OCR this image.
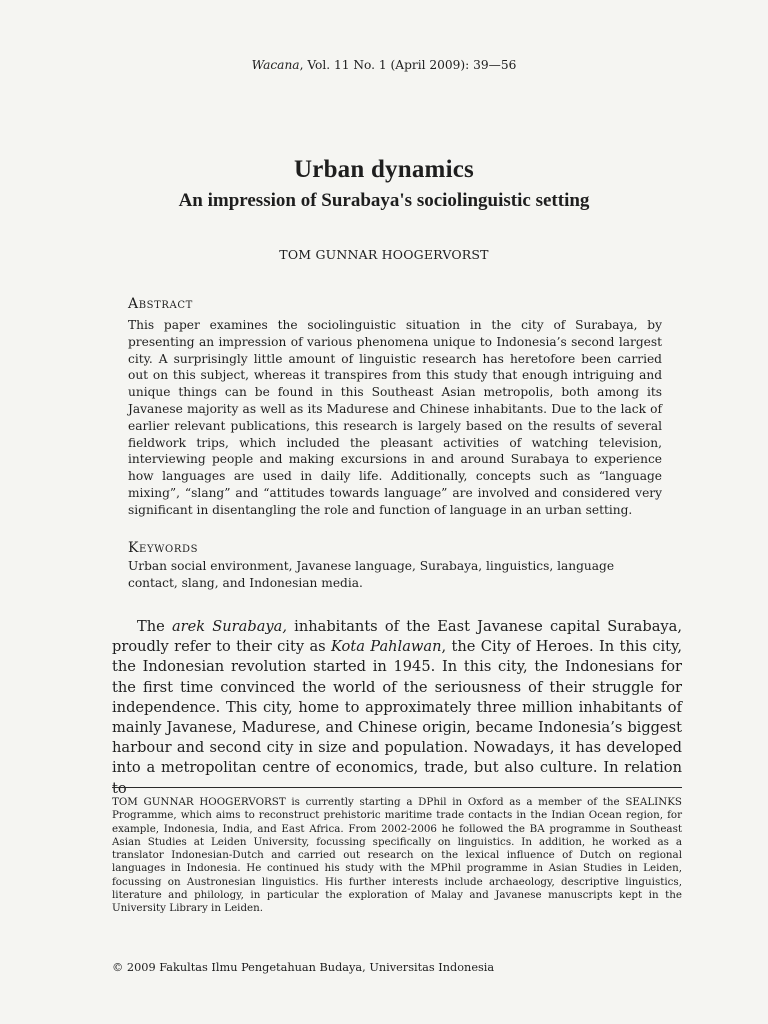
Wacana, Vol. 11 No. 1 (April 2009): 39—56
Urban dynamics
An impression of Surabaya's sociolinguistic setting
TOM GUNNAR HOOGERVORST
Abstract
This paper examines the sociolinguistic situation in the city of Surabaya, by presenting an impression of various phenomena unique to Indonesia’s second largest city. A surprisingly little amount of linguistic research has heretofore been carried out on this subject, whereas it transpires from this study that enough intriguing and unique things can be found in this Southeast Asian metropolis, both among its Javanese majority as well as its Madurese and Chinese inhabitants. Due to the lack of earlier relevant publications, this research is largely based on the results of several fieldwork trips, which included the pleasant activities of watching television, interviewing people and making excursions in and around Surabaya to experience how languages are used in daily life. Additionally, concepts such as “language mixing”, “slang” and “attitudes towards language” are involved and considered very significant in disentangling the role and function of language in an urban setting.
Keywords
Urban social environment, Javanese language, Surabaya, linguistics, language contact, slang, and Indonesian media.
The arek Surabaya, inhabitants of the East Javanese capital Surabaya, proudly refer to their city as Kota Pahlawan, the City of Heroes. In this city, the Indonesian revolution started in 1945. In this city, the Indonesians for the first time convinced the world of the seriousness of their struggle for independence. This city, home to approximately three million inhabitants of mainly Javanese, Madurese, and Chinese origin, became Indonesia’s biggest harbour and second city in size and population. Nowadays, it has developed into a metropolitan centre of economics, trade, but also culture. In relation to
TOM GUNNAR HOOGERVORST is currently starting a DPhil in Oxford as a member of the SEALINKS Programme, which aims to reconstruct prehistoric maritime trade contacts in the Indian Ocean region, for example, Indonesia, India, and East Africa. From 2002-2006 he followed the BA programme in Southeast Asian Studies at Leiden University, focussing specifically on linguistics. In addition, he worked as a translator Indonesian-Dutch and carried out research on the lexical influence of Dutch on regional languages in Indonesia. He continued his study with the MPhil programme in Asian Studies in Leiden, focussing on Austronesian linguistics. His further interests include archaeology, descriptive linguistics, literature and philology, in particular the exploration of Malay and Javanese manuscripts kept in the University Library in Leiden.
© 2009 Fakultas Ilmu Pengetahuan Budaya, Universitas Indonesia
